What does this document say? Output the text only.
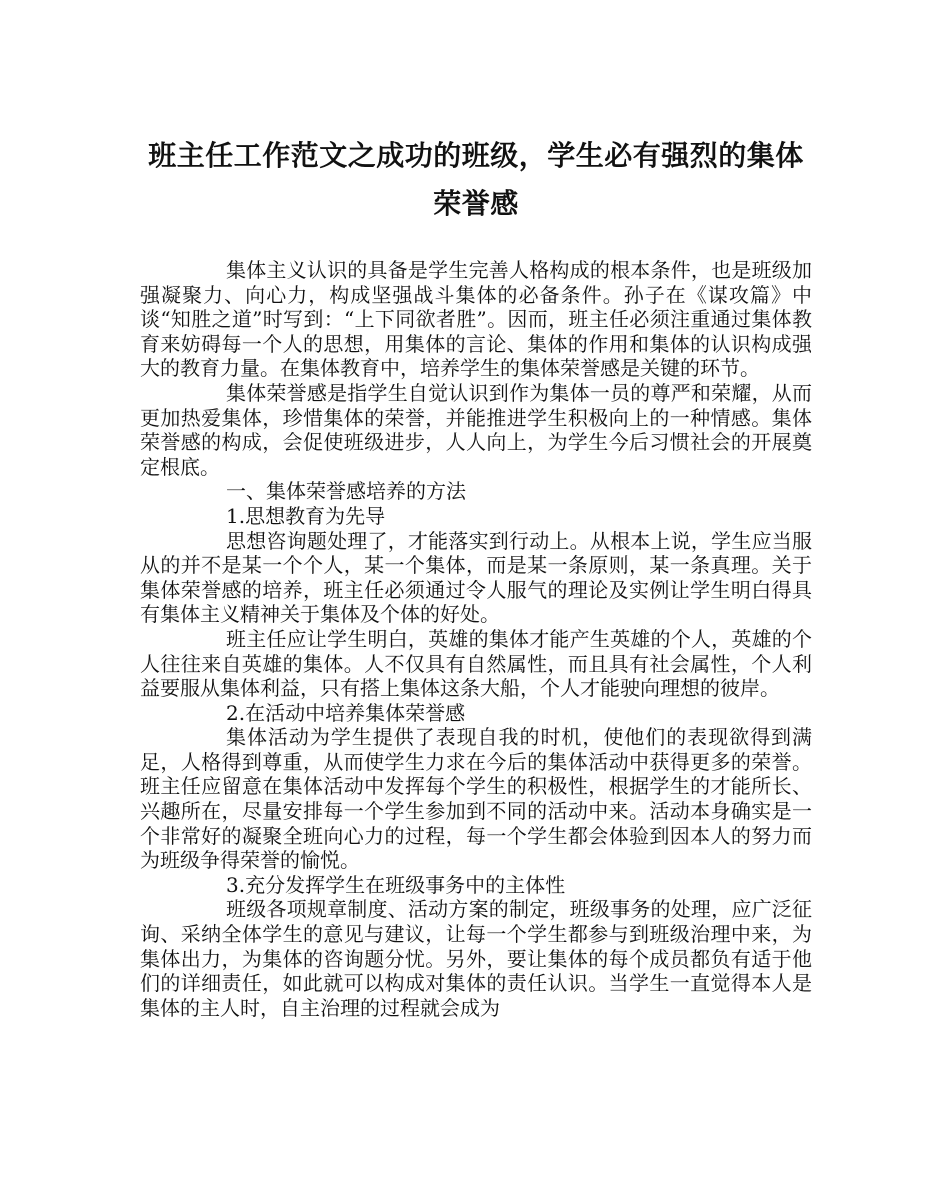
班主任工作范文之成功的班级，学生必有强烈的集体荣誉感

集体主义认识的具备是学生完善人格构成的根本条件，也是班级加强凝聚力、向心力，构成坚强战斗集体的必备条件。孙子在《谋攻篇》中谈“知胜之道”时写到：“上下同欲者胜”。因而，班主任必须注重通过集体教育来妨碍每一个人的思想，用集体的言论、集体的作用和集体的认识构成强大的教育力量。在集体教育中，培养学生的集体荣誉感是关键的环节。

集体荣誉感是指学生自觉认识到作为集体一员的尊严和荣耀，从而更加热爱集体，珍惜集体的荣誉，并能推进学生积极向上的一种情感。集体荣誉感的构成，会促使班级进步，人人向上，为学生今后习惯社会的开展奠定根底。

一、集体荣誉感培养的方法

1.思想教育为先导

思想咨询题处理了，才能落实到行动上。从根本上说，学生应当服从的并不是某一个个人，某一个集体，而是某一条原则，某一条真理。关于集体荣誉感的培养，班主任必须通过令人服气的理论及实例让学生明白得具有集体主义精神关于集体及个体的好处。

班主任应让学生明白，英雄的集体才能产生英雄的个人，英雄的个人往往来自英雄的集体。人不仅具有自然属性，而且具有社会属性，个人利益要服从集体利益，只有搭上集体这条大船，个人才能驶向理想的彼岸。

2.在活动中培养集体荣誉感

集体活动为学生提供了表现自我的时机，使他们的表现欲得到满足，人格得到尊重，从而使学生力求在今后的集体活动中获得更多的荣誉。班主任应留意在集体活动中发挥每个学生的积极性，根据学生的才能所长、兴趣所在，尽量安排每一个学生参加到不同的活动中来。活动本身确实是一个非常好的凝聚全班向心力的过程，每一个学生都会体验到因本人的努力而为班级争得荣誉的愉悦。

3.充分发挥学生在班级事务中的主体性

班级各项规章制度、活动方案的制定，班级事务的处理，应广泛征询、采纳全体学生的意见与建议，让每一个学生都参与到班级治理中来，为集体出力，为集体的咨询题分忧。另外，要让集体的每个成员都负有适于他们的详细责任，如此就可以构成对集体的责任认识。当学生一直觉得本人是集体的主人时，自主治理的过程就会成为
